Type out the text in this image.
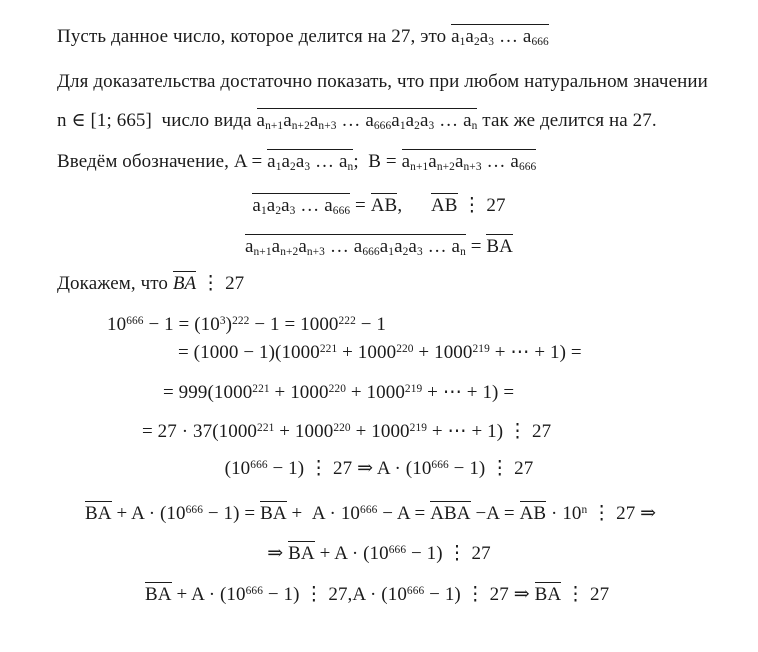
Пусть данное число, которое делится на 27, это $a_1a_2a_3$ … $a_{666}$
Для доказательства достаточно показать, что при любом натуральном значении
n ∈ [1; 665] число вида $a_{n+1}a_{n+2}a_{n+3}$ … $a_{666}a_1a_2a_3$ … $a_n$ так же делится на 27.
Введём обозначение, $A = a_1a_2a_3$ … $a_n$; $B = a_{n+1}a_{n+2}a_{n+3}$ … $a_{666}$
$a_1a_2a_3$ … $a_{666}$ = AB,   AB ⋮ 27
$a_{n+1}a_{n+2}a_{n+3}$ … $a_{666}a_1a_2a_3$ … $a_n$ = BA
Докажем, что BA ⋮ 27
$10^{666} - 1 = (10^3)^{222} - 1 = 1000^{222} - 1$
= $(1000 - 1)(1000^{221} + 1000^{220} + 1000^{219}$ + ⋯ + 1) =
= $999(1000^{221} + 1000^{220} + 1000^{219}$ + ⋯ + 1) =
= $27 \cdot 37(1000^{221} + 1000^{220} + 1000^{219}$ + ⋯ + 1) ⋮ 27
$(10^{666} - 1)$ ⋮ 27 ⇒ $A \cdot (10^{666} - 1)$ ⋮ 27
BA + $A \cdot (10^{666} - 1)$ = BA + $A \cdot 10^{666} - A$ = ABA −A = AB · $10^n$ ⋮ 27 ⇒
⇒ BA + $A \cdot (10^{666} - 1)$ ⋮ 27
BA + $A \cdot (10^{666} - 1)$ ⋮ $27,A \cdot (10^{666} - 1)$ ⋮ 27 ⇒ BA ⋮ 27
